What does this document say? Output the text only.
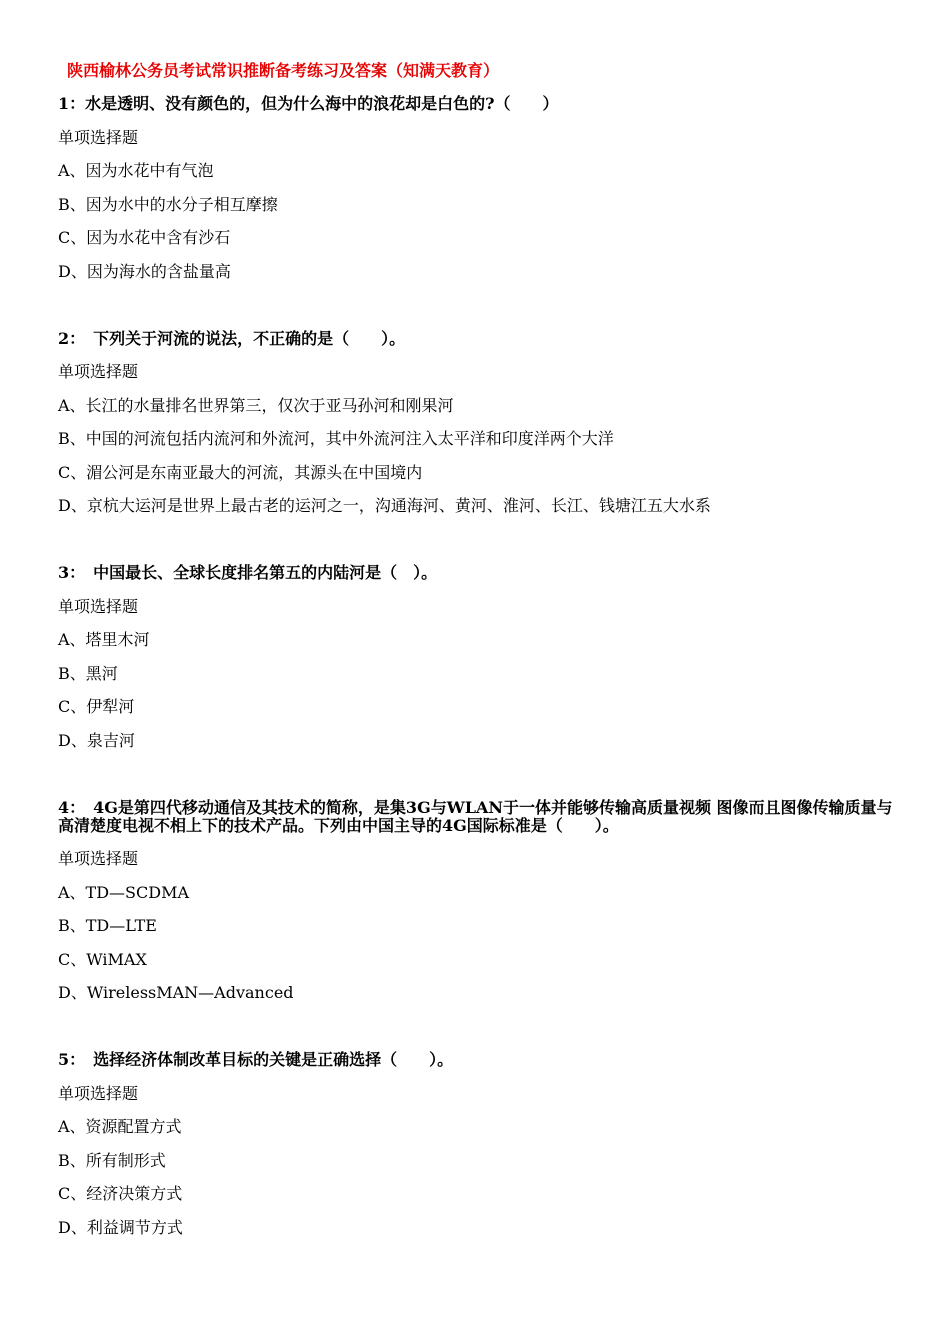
陕西榆林公务员考试常识推断备考练习及答案（知满天教育）
1：水是透明、没有颜色的，但为什么海中的浪花却是白色的?（　　）
单项选择题
A、因为水花中有气泡
B、因为水中的水分子相互摩擦
C、因为水花中含有沙石
D、因为海水的含盐量高
2：　下列关于河流的说法，不正确的是（　　）。
单项选择题
A、长江的水量排名世界第三，仅次于亚马孙河和刚果河
B、中国的河流包括内流河和外流河，其中外流河注入太平洋和印度洋两个大洋
C、湄公河是东南亚最大的河流，其源头在中国境内
D、京杭大运河是世界上最古老的运河之一，沟通海河、黄河、淮河、长江、钱塘江五大水系
3：　中国最长、全球长度排名第五的内陆河是（　）。
单项选择题
A、塔里木河
B、黑河
C、伊犁河
D、泉吉河
4：　4G是第四代移动通信及其技术的简称，是集3G与WLAN于一体并能够传输高质量视频 图像而且图像传输质量与高清楚度电视不相上下的技术产品。下列由中国主导的4G国际标准是（　　）。
单项选择题
A、TD—SCDMA
B、TD—LTE
C、WiMAX
D、WirelessMAN—Advanced
5：　选择经济体制改革目标的关键是正确选择（　　）。
单项选择题
A、资源配置方式
B、所有制形式
C、经济决策方式
D、利益调节方式
